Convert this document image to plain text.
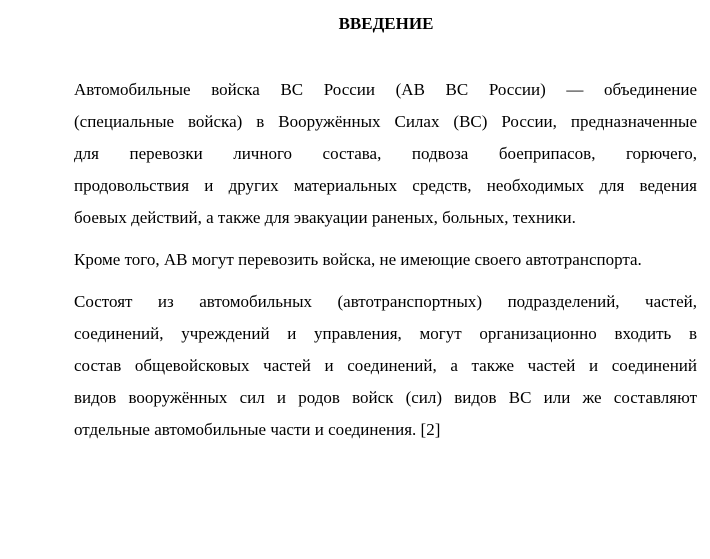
ВВЕДЕНИЕ

Автомобильные войска ВС России (АВ ВС России) — объединение
(специальные войска) в Вооружённых Силах (ВС) России, предназначенные
для перевозки личного состава, подвоза боеприпасов, горючего,
продовольствия и других материальных средств, необходимых для ведения
боевых действий, а также для эвакуации раненых, больных, техники.

Кроме того, АВ могут перевозить войска, не имеющие своего автотранспорта.

Состоят из автомобильных (автотранспортных) подразделений, частей,
соединений, учреждений и управления, могут организационно входить в
состав общевойсковых частей и соединений, а также частей и соединений
видов вооружённых сил и родов войск (сил) видов ВС или же составляют
отдельные автомобильные части и соединения. [2]
